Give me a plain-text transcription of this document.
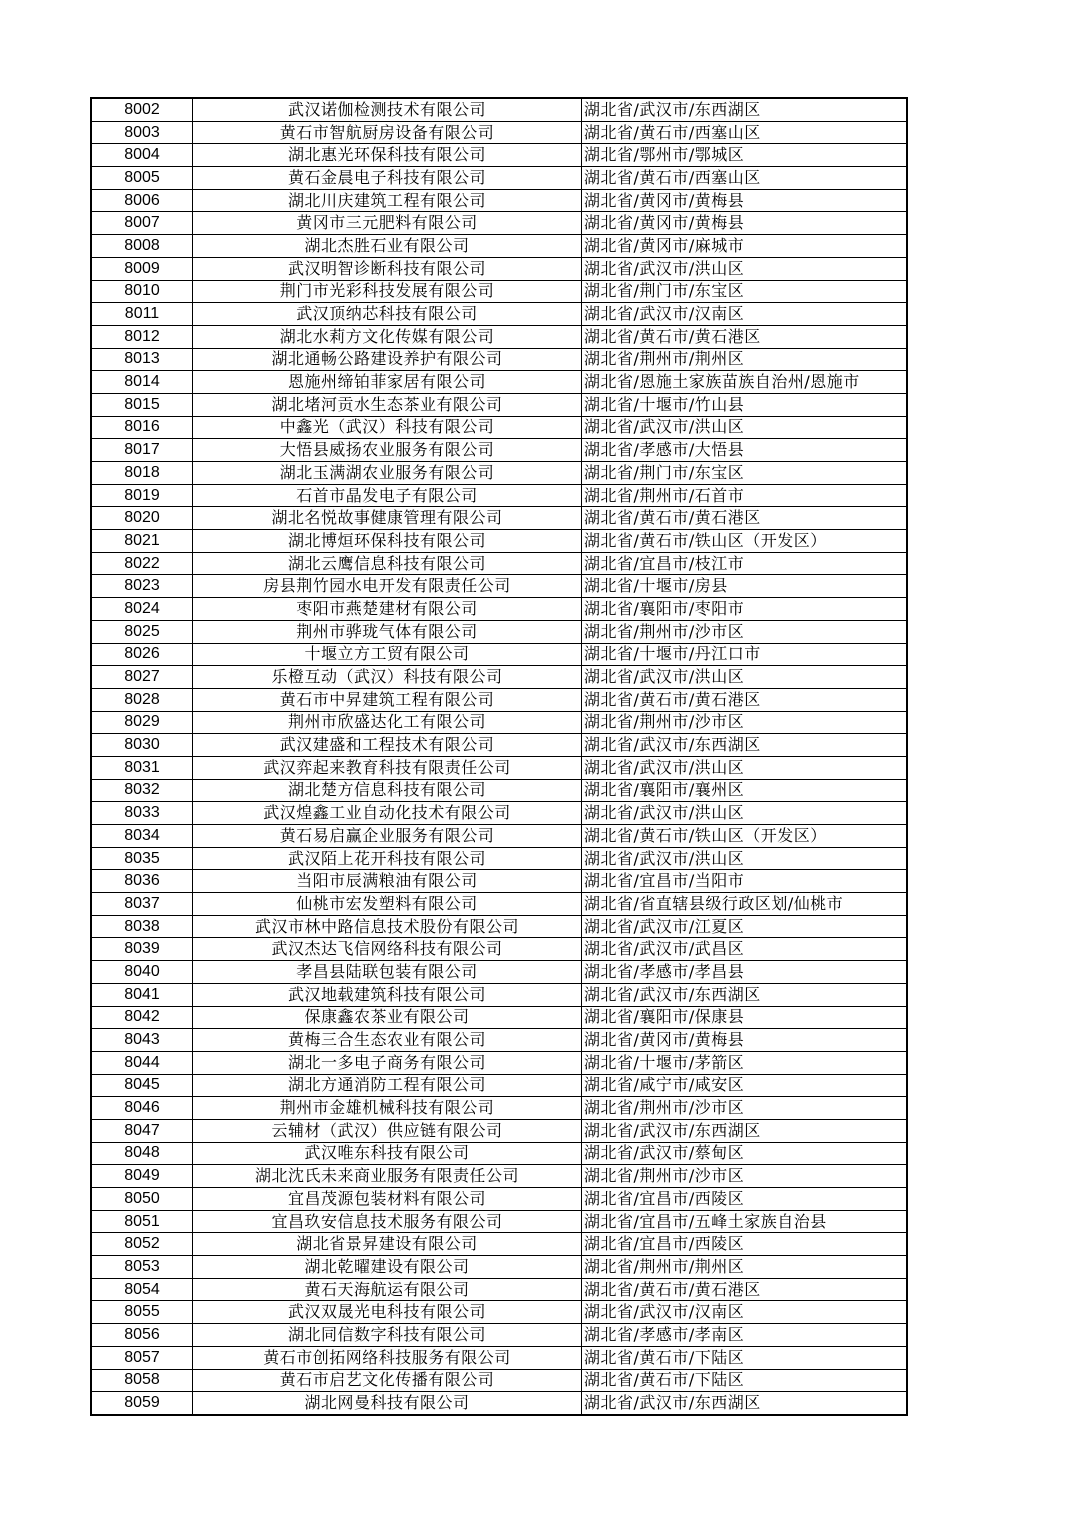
8002	武汉诺伽检测技术有限公司	湖北省/武汉市/东西湖区
8003	黄石市智航厨房设备有限公司	湖北省/黄石市/西塞山区
8004	湖北惠光环保科技有限公司	湖北省/鄂州市/鄂城区
8005	黄石金晨电子科技有限公司	湖北省/黄石市/西塞山区
8006	湖北川庆建筑工程有限公司	湖北省/黄冈市/黄梅县
8007	黄冈市三元肥料有限公司	湖北省/黄冈市/黄梅县
8008	湖北杰胜石业有限公司	湖北省/黄冈市/麻城市
8009	武汉明智诊断科技有限公司	湖北省/武汉市/洪山区
8010	荆门市光彩科技发展有限公司	湖北省/荆门市/东宝区
8011	武汉顶纳芯科技有限公司	湖北省/武汉市/汉南区
8012	湖北水莉方文化传媒有限公司	湖北省/黄石市/黄石港区
8013	湖北通畅公路建设养护有限公司	湖北省/荆州市/荆州区
8014	恩施州缔铂菲家居有限公司	湖北省/恩施土家族苗族自治州/恩施市
8015	湖北堵河贡水生态茶业有限公司	湖北省/十堰市/竹山县
8016	中鑫光（武汉）科技有限公司	湖北省/武汉市/洪山区
8017	大悟县威扬农业服务有限公司	湖北省/孝感市/大悟县
8018	湖北玉满湖农业服务有限公司	湖北省/荆门市/东宝区
8019	石首市晶发电子有限公司	湖北省/荆州市/石首市
8020	湖北名悦故事健康管理有限公司	湖北省/黄石市/黄石港区
8021	湖北博烜环保科技有限公司	湖北省/黄石市/铁山区（开发区）
8022	湖北云鹰信息科技有限公司	湖北省/宜昌市/枝江市
8023	房县荆竹园水电开发有限责任公司	湖北省/十堰市/房县
8024	枣阳市燕楚建材有限公司	湖北省/襄阳市/枣阳市
8025	荆州市骅珑气体有限公司	湖北省/荆州市/沙市区
8026	十堰立方工贸有限公司	湖北省/十堰市/丹江口市
8027	乐橙互动（武汉）科技有限公司	湖北省/武汉市/洪山区
8028	黄石市中昇建筑工程有限公司	湖北省/黄石市/黄石港区
8029	荆州市欣盛达化工有限公司	湖北省/荆州市/沙市区
8030	武汉建盛和工程技术有限公司	湖北省/武汉市/东西湖区
8031	武汉弈起来教育科技有限责任公司	湖北省/武汉市/洪山区
8032	湖北楚方信息科技有限公司	湖北省/襄阳市/襄州区
8033	武汉煌鑫工业自动化技术有限公司	湖北省/武汉市/洪山区
8034	黄石易启赢企业服务有限公司	湖北省/黄石市/铁山区（开发区）
8035	武汉陌上花开科技有限公司	湖北省/武汉市/洪山区
8036	当阳市辰满粮油有限公司	湖北省/宜昌市/当阳市
8037	仙桃市宏发塑料有限公司	湖北省/省直辖县级行政区划/仙桃市
8038	武汉市林中路信息技术股份有限公司	湖北省/武汉市/江夏区
8039	武汉杰达飞信网络科技有限公司	湖北省/武汉市/武昌区
8040	孝昌县陆联包装有限公司	湖北省/孝感市/孝昌县
8041	武汉地载建筑科技有限公司	湖北省/武汉市/东西湖区
8042	保康鑫农茶业有限公司	湖北省/襄阳市/保康县
8043	黄梅三合生态农业有限公司	湖北省/黄冈市/黄梅县
8044	湖北一多电子商务有限公司	湖北省/十堰市/茅箭区
8045	湖北方通消防工程有限公司	湖北省/咸宁市/咸安区
8046	荆州市金雄机械科技有限公司	湖北省/荆州市/沙市区
8047	云辅材（武汉）供应链有限公司	湖北省/武汉市/东西湖区
8048	武汉唯东科技有限公司	湖北省/武汉市/蔡甸区
8049	湖北沈氏未来商业服务有限责任公司	湖北省/荆州市/沙市区
8050	宜昌茂源包装材料有限公司	湖北省/宜昌市/西陵区
8051	宜昌玖安信息技术服务有限公司	湖北省/宜昌市/五峰土家族自治县
8052	湖北省景昇建设有限公司	湖北省/宜昌市/西陵区
8053	湖北乾曜建设有限公司	湖北省/荆州市/荆州区
8054	黄石天海航运有限公司	湖北省/黄石市/黄石港区
8055	武汉双晟光电科技有限公司	湖北省/武汉市/汉南区
8056	湖北同信数字科技有限公司	湖北省/孝感市/孝南区
8057	黄石市创拓网络科技服务有限公司	湖北省/黄石市/下陆区
8058	黄石市启艺文化传播有限公司	湖北省/黄石市/下陆区
8059	湖北网曼科技有限公司	湖北省/武汉市/东西湖区
